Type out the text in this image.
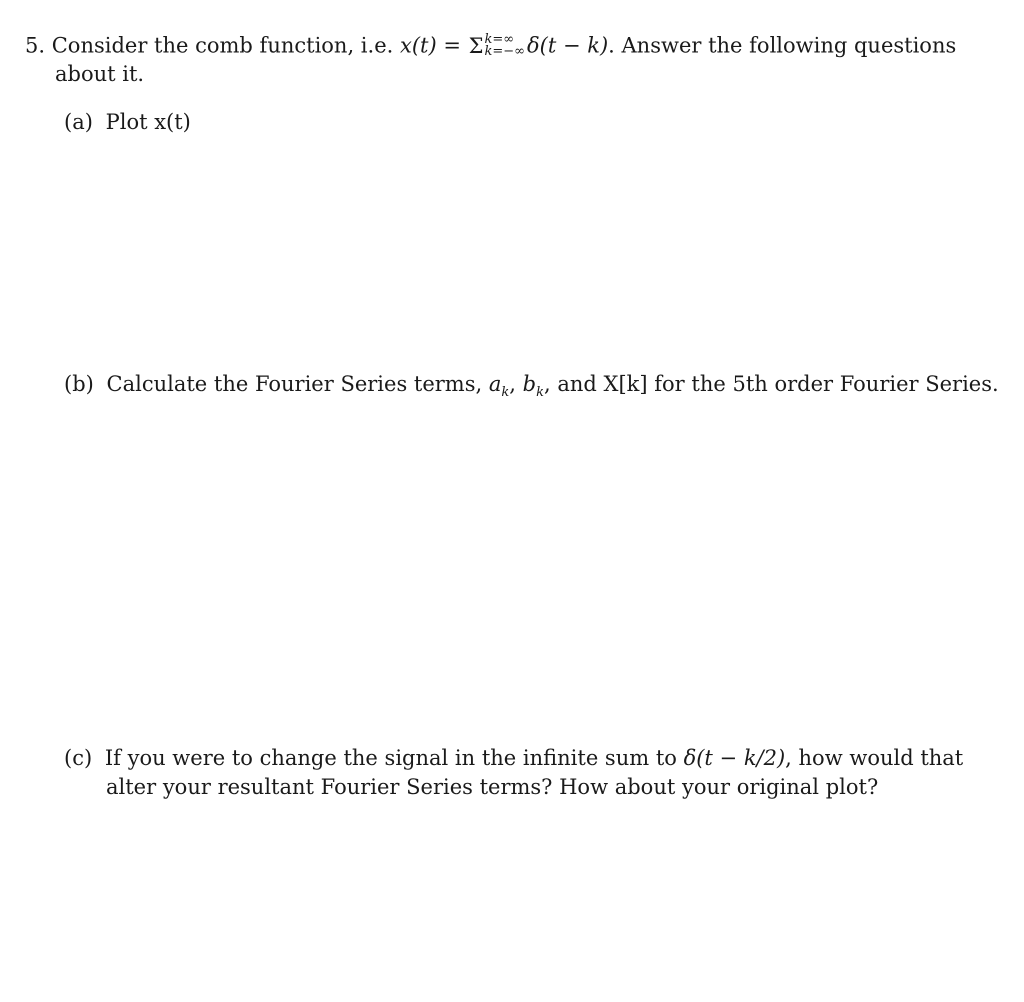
5. Consider the comb function, i.e. x(t) = Σ k=∞
k=−∞ δ(t − k). Answer the following questions
about it.
(a) Plot x(t)
(b) Calculate the Fourier Series terms, $a_k$, $b_k$, and X[k] for the 5th order Fourier Series.
(c) If you were to change the signal in the infinite sum to δ(t − k/2), how would that
alter your resultant Fourier Series terms? How about your original plot?
